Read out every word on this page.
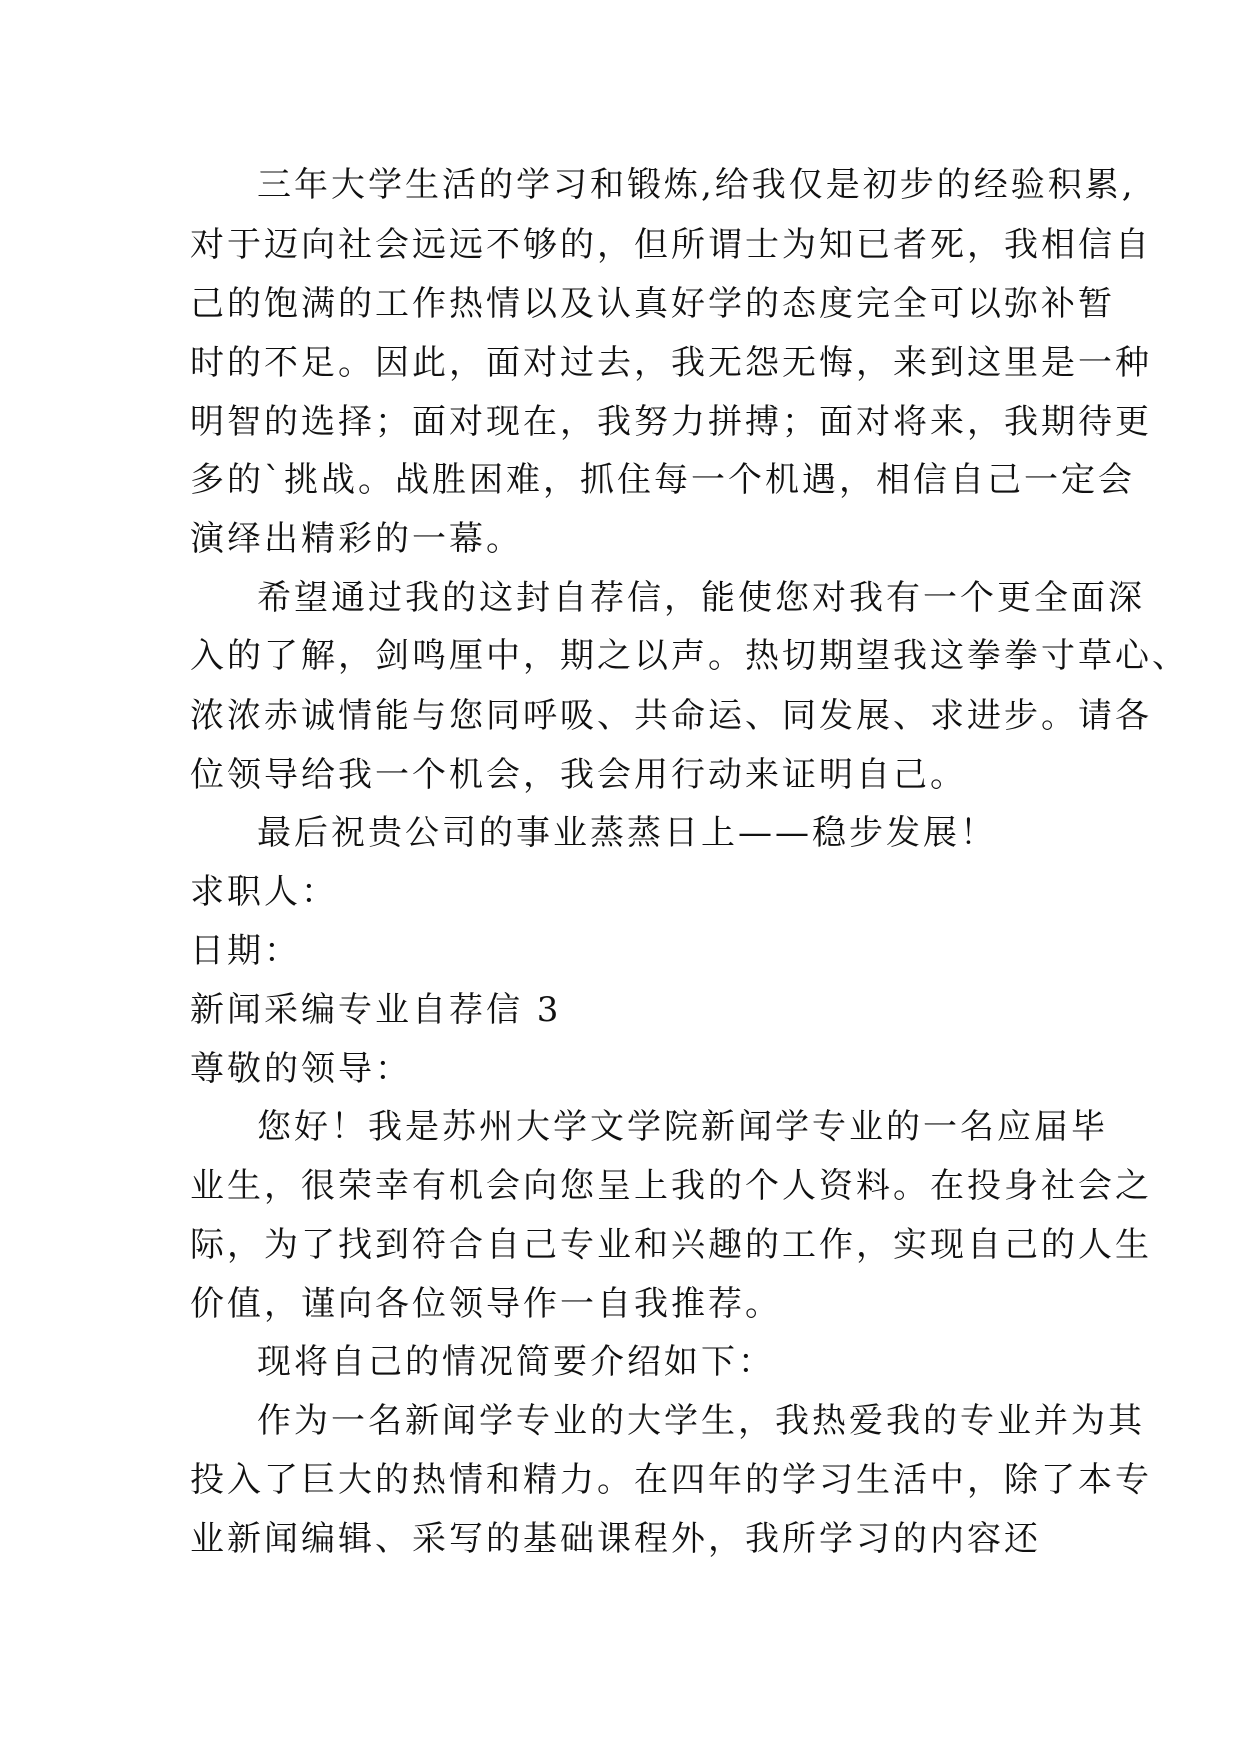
三年大学生活的学习和锻炼,给我仅是初步的经验积累,
对于迈向社会远远不够的，但所谓士为知已者死，我相信自
己的饱满的工作热情以及认真好学的态度完全可以弥补暂
时的不足。因此，面对过去，我无怨无悔，来到这里是一种
明智的选择；面对现在，我努力拼搏；面对将来，我期待更
多的`挑战。战胜困难，抓住每一个机遇，相信自己一定会
演绎出精彩的一幕。
希望通过我的这封自荐信，能使您对我有一个更全面深
入的了解，剑鸣厘中，期之以声。热切期望我这拳拳寸草心、
浓浓赤诚情能与您同呼吸、共命运、同发展、求进步。请各
位领导给我一个机会，我会用行动来证明自己。
最后祝贵公司的事业蒸蒸日上——稳步发展！
求职人：
日期：
新闻采编专业自荐信 3
尊敬的领导：
您好！我是苏州大学文学院新闻学专业的一名应届毕
业生，很荣幸有机会向您呈上我的个人资料。在投身社会之
际，为了找到符合自己专业和兴趣的工作，实现自己的人生
价值，谨向各位领导作一自我推荐。
现将自己的情况简要介绍如下：
作为一名新闻学专业的大学生，我热爱我的专业并为其
投入了巨大的热情和精力。在四年的学习生活中，除了本专
业新闻编辑、采写的基础课程外，我所学习的内容还
